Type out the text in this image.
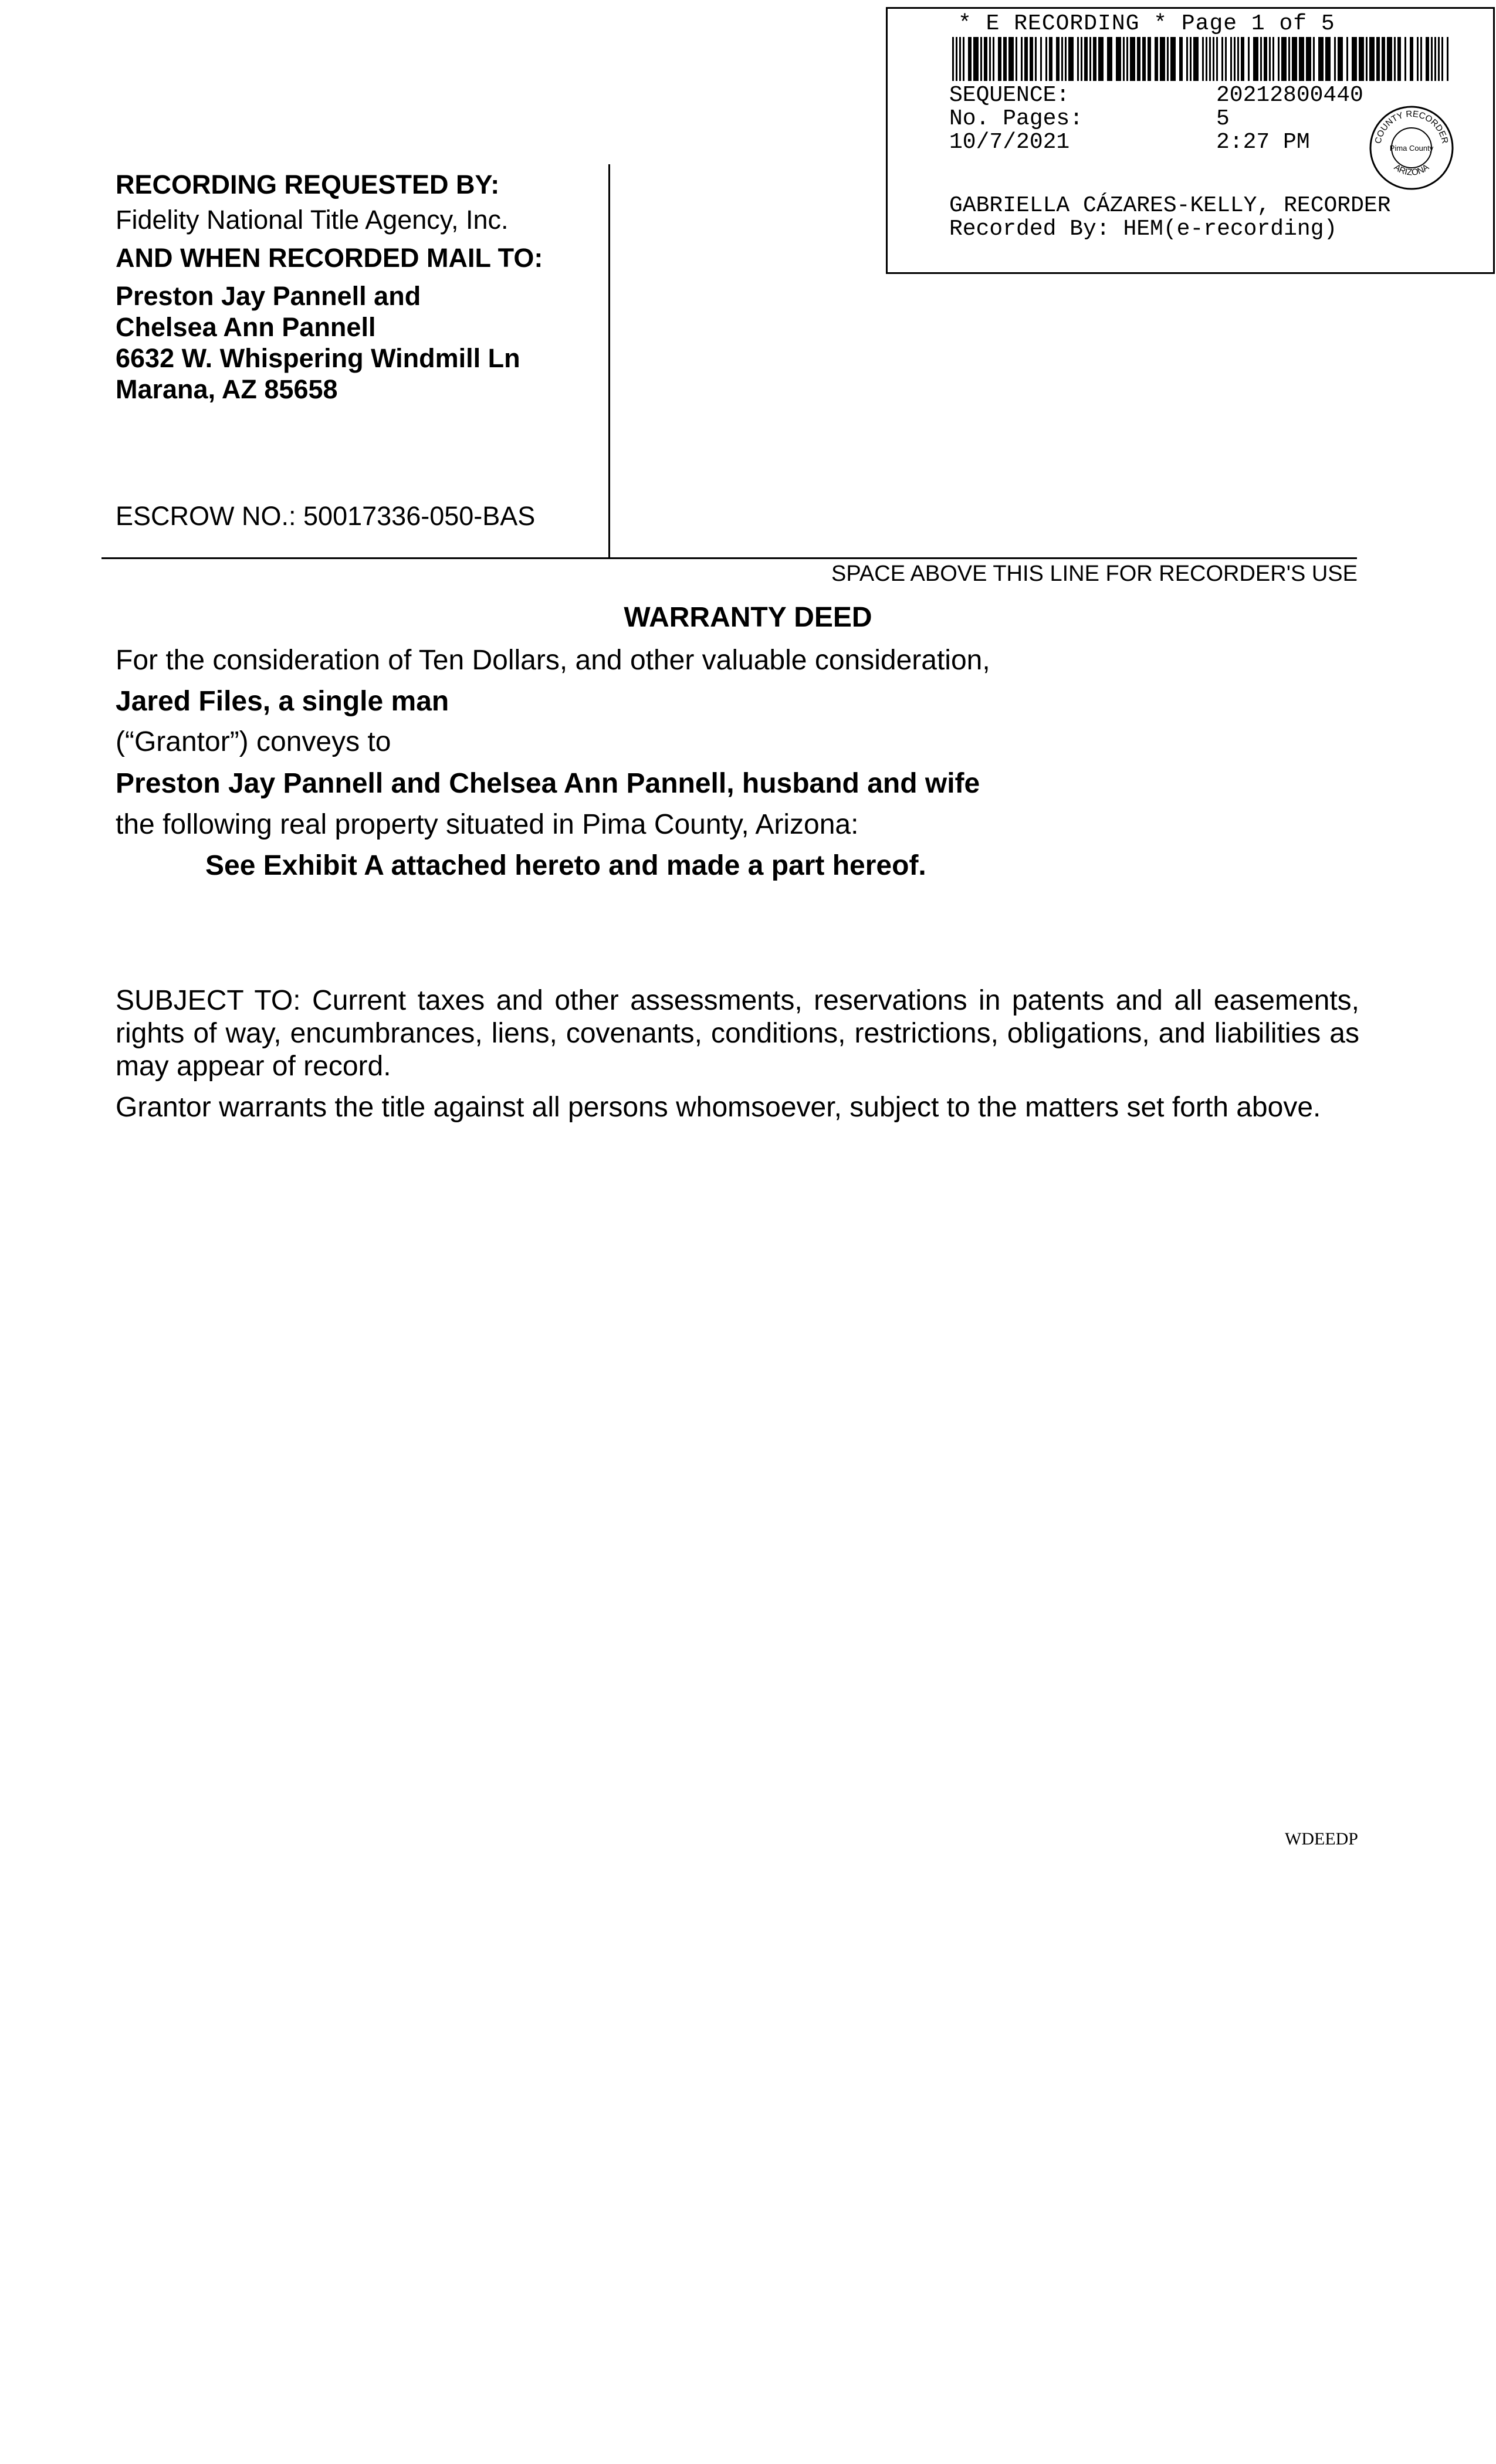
* E RECORDING * Page 1 of 5
SEQUENCE:	20212800440
No. Pages:	5
10/7/2021	2:27 PM	COUNTY RECORDER
ARIZONA
Pima County
GABRIELLA CÁZARES-KELLY, RECORDER
Recorded By: HEM(e-recording)
RECORDING REQUESTED BY:
Fidelity National Title Agency, Inc.
AND WHEN RECORDED MAIL TO:
Preston Jay Pannell and
Chelsea Ann Pannell
6632 W. Whispering Windmill Ln
Marana, AZ 85658
ESCROW NO.: 50017336-050-BAS
SPACE ABOVE THIS LINE FOR RECORDER'S USE
WARRANTY DEED
For the consideration of Ten Dollars, and other valuable consideration,
Jared Files, a single man
(“Grantor”) conveys to
Preston Jay Pannell and Chelsea Ann Pannell, husband and wife
the following real property situated in Pima County, Arizona:
See Exhibit A attached hereto and made a part hereof.
SUBJECT TO: Current taxes and other assessments, reservations in patents and all easements, rights of way, encumbrances, liens, covenants, conditions, restrictions, obligations, and liabilities as may appear of record.
Grantor warrants the title against all persons whomsoever, subject to the matters set forth above.
WDEEDP
